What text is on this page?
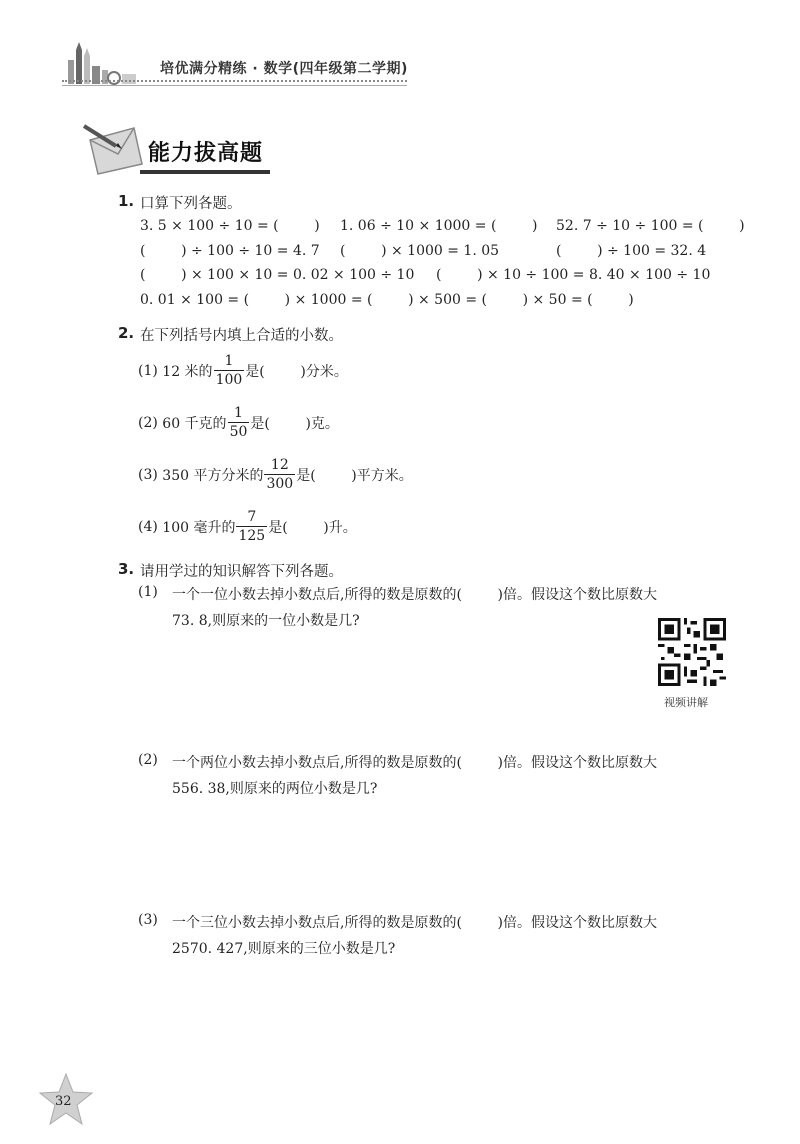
培优满分精练 · 数学(四年级第二学期)
能力拔高题
1. 口算下列各题。
3. 5 × 100 ÷ 10 = (        ) 1. 06 ÷ 10 × 1000 = (        ) 52. 7 ÷ 10 ÷ 100 = (        )
(        ) ÷ 100 ÷ 10 = 4. 7 (        ) × 1000 = 1. 05	(        ) ÷ 100 = 32. 4
(        ) × 100 × 10 = 0. 02 × 100 ÷ 10 (        ) × 10 ÷ 100 = 8. 40 × 100 ÷ 10
0. 01 × 100 = (        ) × 1000 = (        ) × 500 = (        ) × 50 = (        )
2. 在下列括号内填上合适的小数。
(1)
12 米的 $\frac{1}{100}$ 是(        )分米。
(2)
60 千克的 $\frac{1}{50}$ 是(        )克。
(3)
350 平方分米的 $\frac{12}{300}$ 是(        )平方米。
(4)
100 毫升的 $\frac{7}{125}$ 是(        )升。
3. 请用学过的知识解答下列各题。
(1) 一个一位小数去掉小数点后,所得的数是原数的(        )倍。假设这个数比原数大
73. 8,则原来的一位小数是几?
视频讲解
(2) 一个两位小数去掉小数点后,所得的数是原数的(        )倍。假设这个数比原数大
556. 38,则原来的两位小数是几?
(3) 一个三位小数去掉小数点后,所得的数是原数的(        )倍。假设这个数比原数大
2570. 427,则原来的三位小数是几?
32
